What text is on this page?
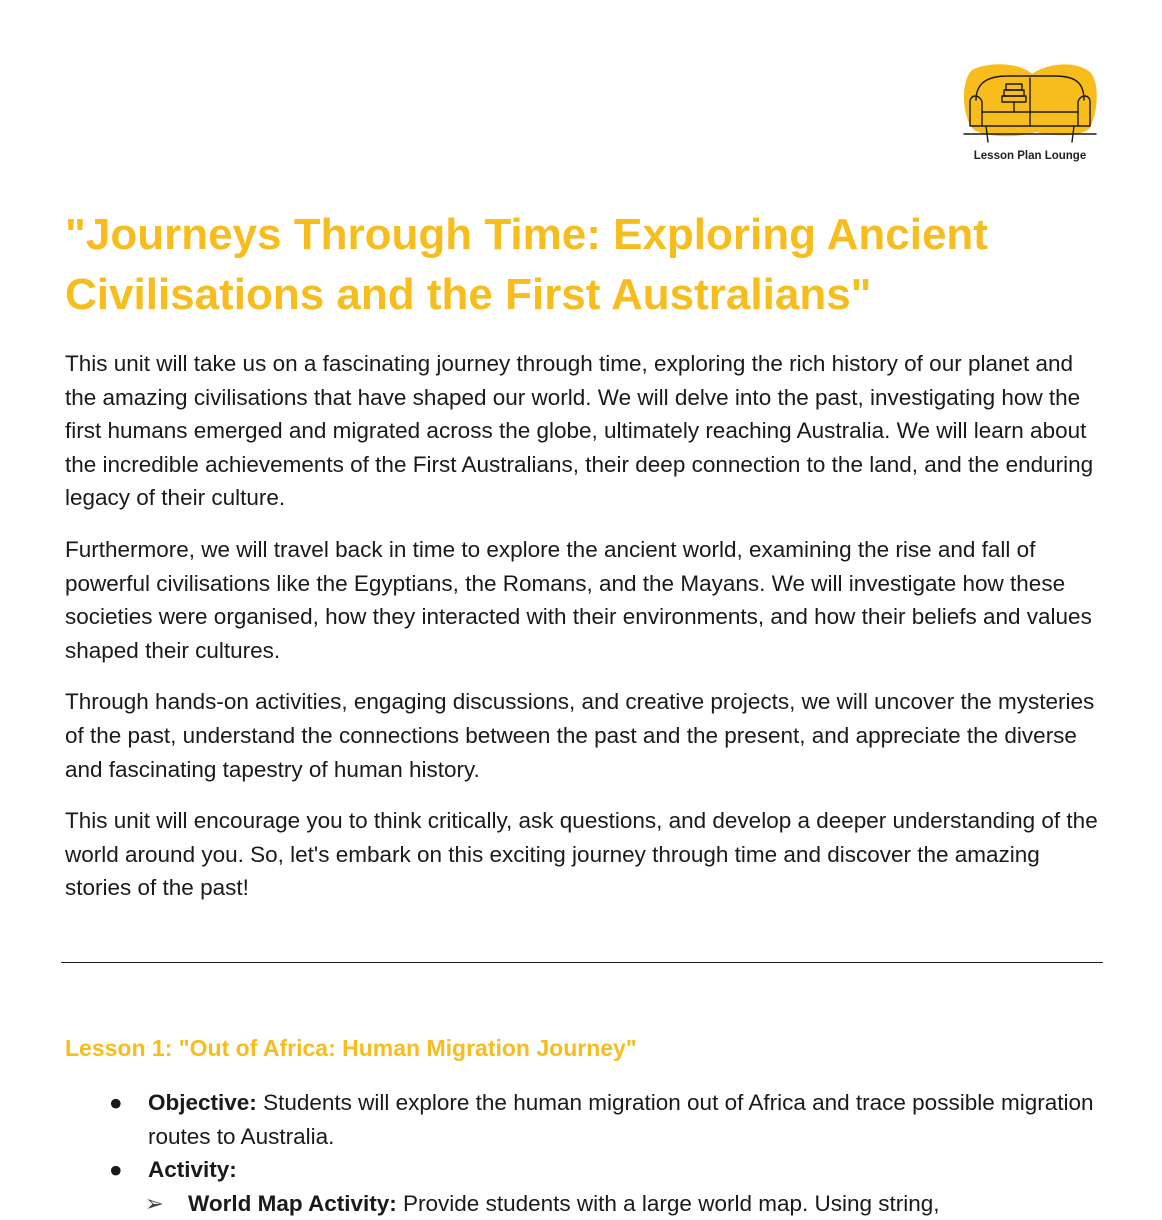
Lesson Plan Lounge
"Journeys Through Time: Exploring Ancient Civilisations and the First Australians"

This unit will take us on a fascinating journey through time, exploring the rich history of our planet and the amazing civilisations that have shaped our world. We will delve into the past, investigating how the first humans emerged and migrated across the globe, ultimately reaching Australia. We will learn about the incredible achievements of the First Australians, their deep connection to the land, and the enduring legacy of their culture.

Furthermore, we will travel back in time to explore the ancient world, examining the rise and fall of powerful civilisations like the Egyptians, the Romans, and the Mayans. We will investigate how these societies were organised, how they interacted with their environments, and how their beliefs and values shaped their cultures.

Through hands-on activities, engaging discussions, and creative projects, we will uncover the mysteries of the past, understand the connections between the past and the present, and appreciate the diverse and fascinating tapestry of human history.

This unit will encourage you to think critically, ask questions, and develop a deeper understanding of the world around you. So, let's embark on this exciting journey through time and discover the amazing stories of the past!

Lesson 1: "Out of Africa: Human Migration Journey"
● Objective: Students will explore the human migration out of Africa and trace possible migration routes to Australia.
● Activity:
➢ World Map Activity: Provide students with a large world map. Using string,
